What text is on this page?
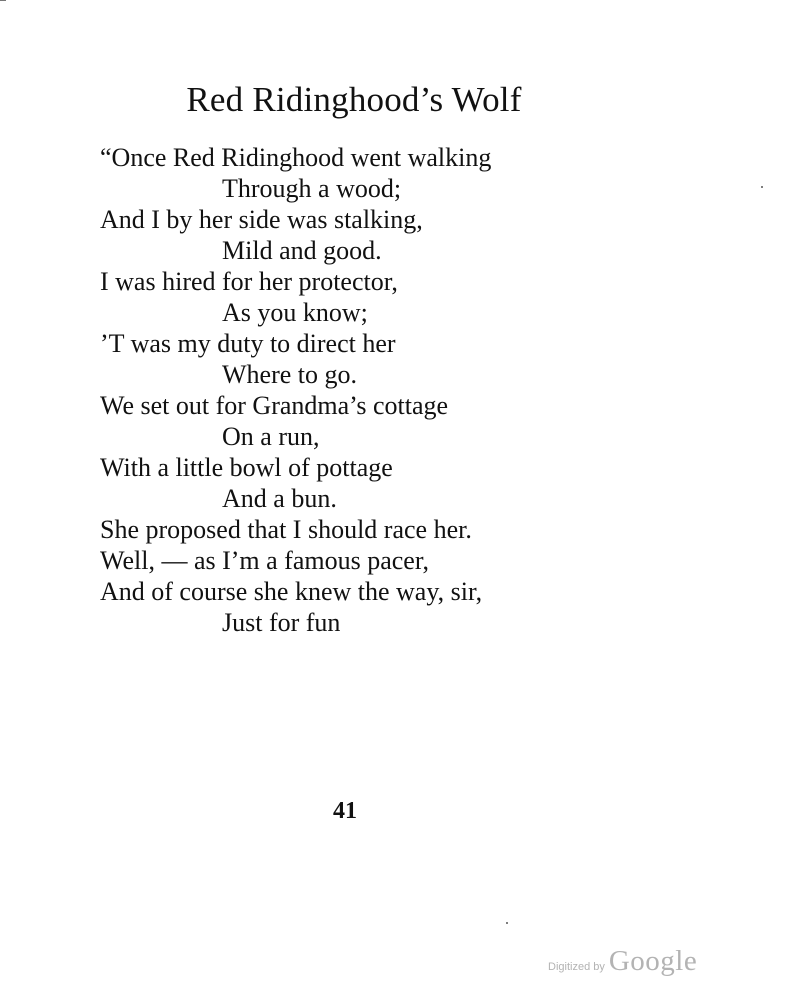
Red Ridinghood’s Wolf
“Once Red Ridinghood went walking
Through a wood;
And I by her side was stalking,
Mild and good.
I was hired for her protector,
As you know;
’T was my duty to direct her
Where to go.
We set out for Grandma’s cottage
On a run,
With a little bowl of pottage
And a bun.
She proposed that I should race her.
Well, — as I’m a famous pacer,
And of course she knew the way, sir,
Just for fun
41
Digitized by Google
